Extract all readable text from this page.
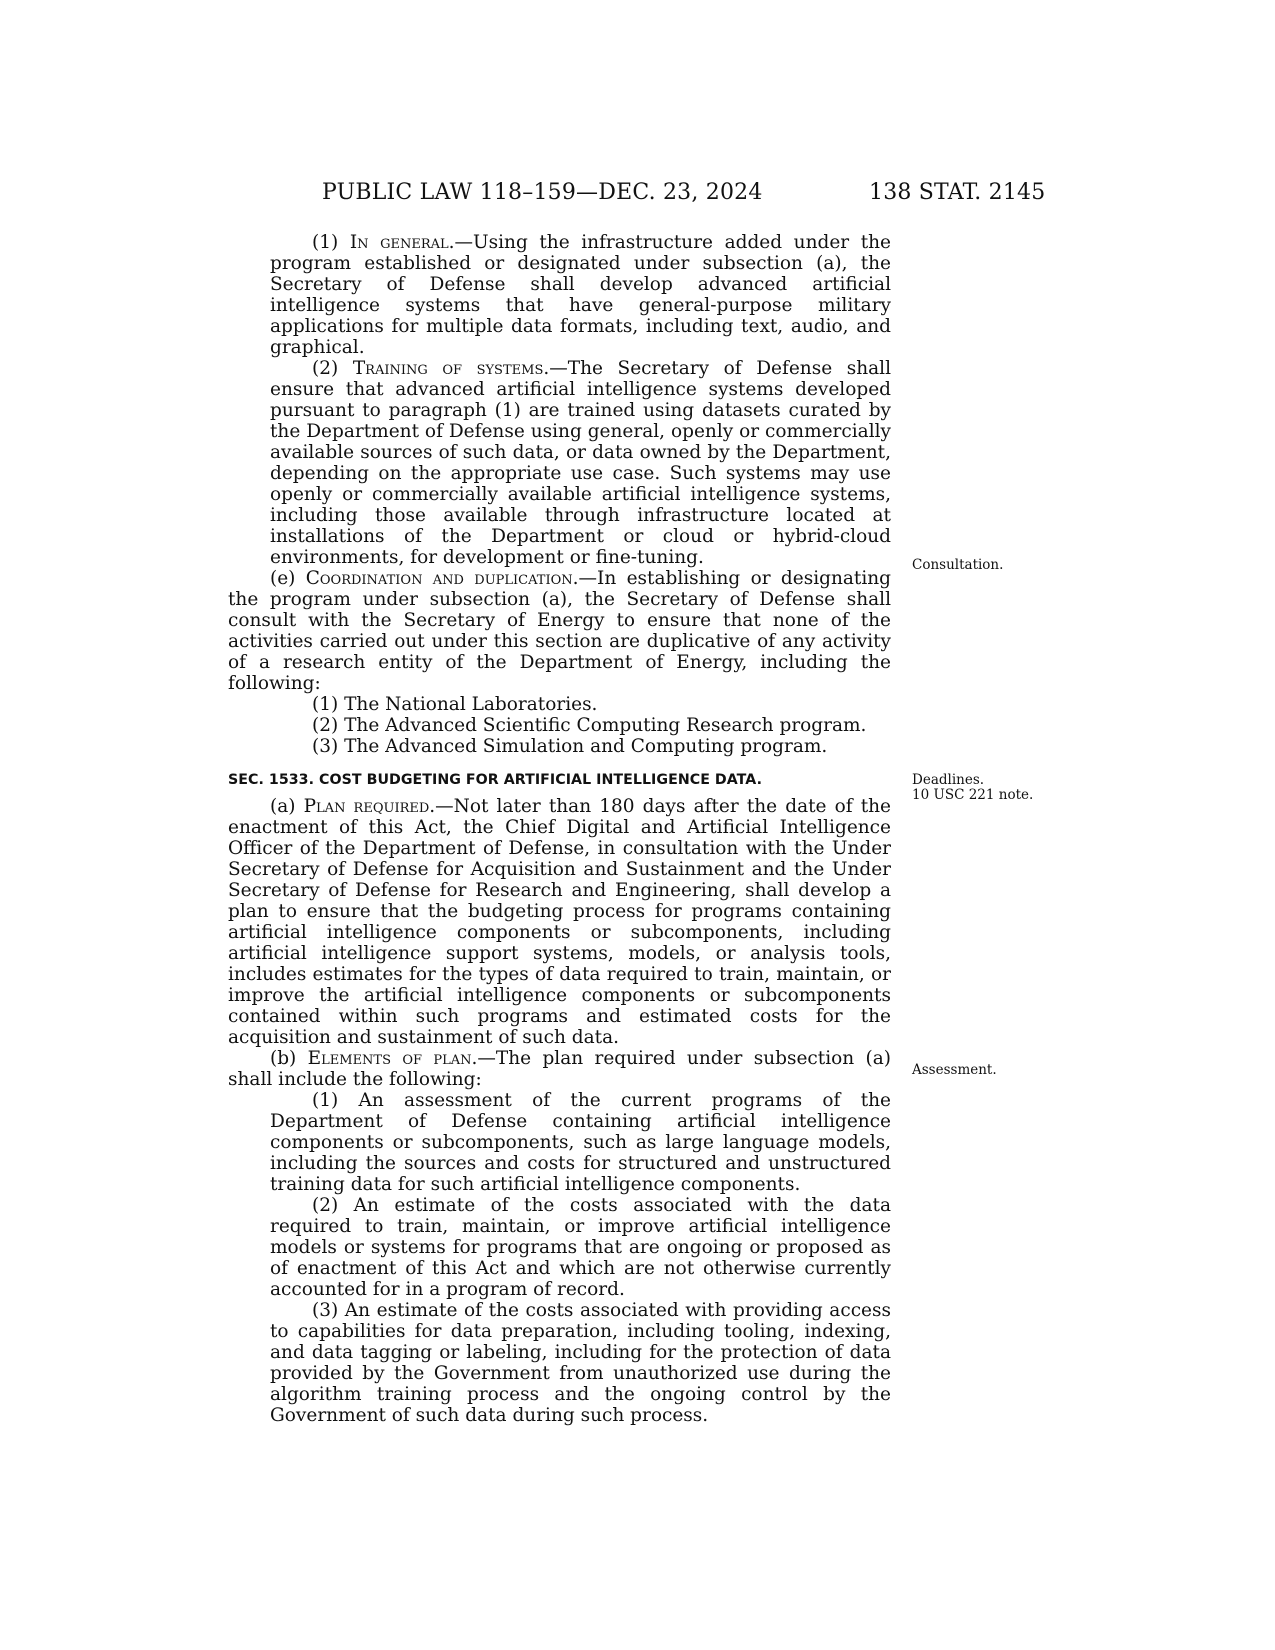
PUBLIC LAW 118–159—DEC. 23, 2024	138 STAT. 2145

(1) In general.—Using the infrastructure added under the program established or designated under subsection (a), the Secretary of Defense shall develop advanced artificial intelligence systems that have general-purpose military applications for multiple data formats, including text, audio, and graphical.

(2) Training of systems.—The Secretary of Defense shall ensure that advanced artificial intelligence systems developed pursuant to paragraph (1) are trained using datasets curated by the Department of Defense using general, openly or commercially available sources of such data, or data owned by the Department, depending on the appropriate use case. Such systems may use openly or commercially available artificial intelligence systems, including those available through infrastructure located at installations of the Department or cloud or hybrid-cloud environments, for development or fine-tuning.

(e) Coordination and duplication.—In establishing or designating the program under subsection (a), the Secretary of Defense shall consult with the Secretary of Energy to ensure that none of the activities carried out under this section are duplicative of any activity of a research entity of the Department of Energy, including the following:

(1) The National Laboratories.

(2) The Advanced Scientific Computing Research program.

(3) The Advanced Simulation and Computing program.

SEC. 1533. COST BUDGETING FOR ARTIFICIAL INTELLIGENCE DATA.

(a) Plan required.—Not later than 180 days after the date of the enactment of this Act, the Chief Digital and Artificial Intelligence Officer of the Department of Defense, in consultation with the Under Secretary of Defense for Acquisition and Sustainment and the Under Secretary of Defense for Research and Engineering, shall develop a plan to ensure that the budgeting process for programs containing artificial intelligence components or subcomponents, including artificial intelligence support systems, models, or analysis tools, includes estimates for the types of data required to train, maintain, or improve the artificial intelligence components or subcomponents contained within such programs and estimated costs for the acquisition and sustainment of such data.

(b) Elements of plan.—The plan required under subsection (a) shall include the following:

(1) An assessment of the current programs of the Department of Defense containing artificial intelligence components or subcomponents, such as large language models, including the sources and costs for structured and unstructured training data for such artificial intelligence components.

(2) An estimate of the costs associated with the data required to train, maintain, or improve artificial intelligence models or systems for programs that are ongoing or proposed as of enactment of this Act and which are not otherwise currently accounted for in a program of record.

(3) An estimate of the costs associated with providing access to capabilities for data preparation, including tooling, indexing, and data tagging or labeling, including for the protection of data provided by the Government from unauthorized use during the algorithm training process and the ongoing control by the Government of such data during such process.

Consultation.
Deadlines.
10 USC 221 note.
Assessment.
